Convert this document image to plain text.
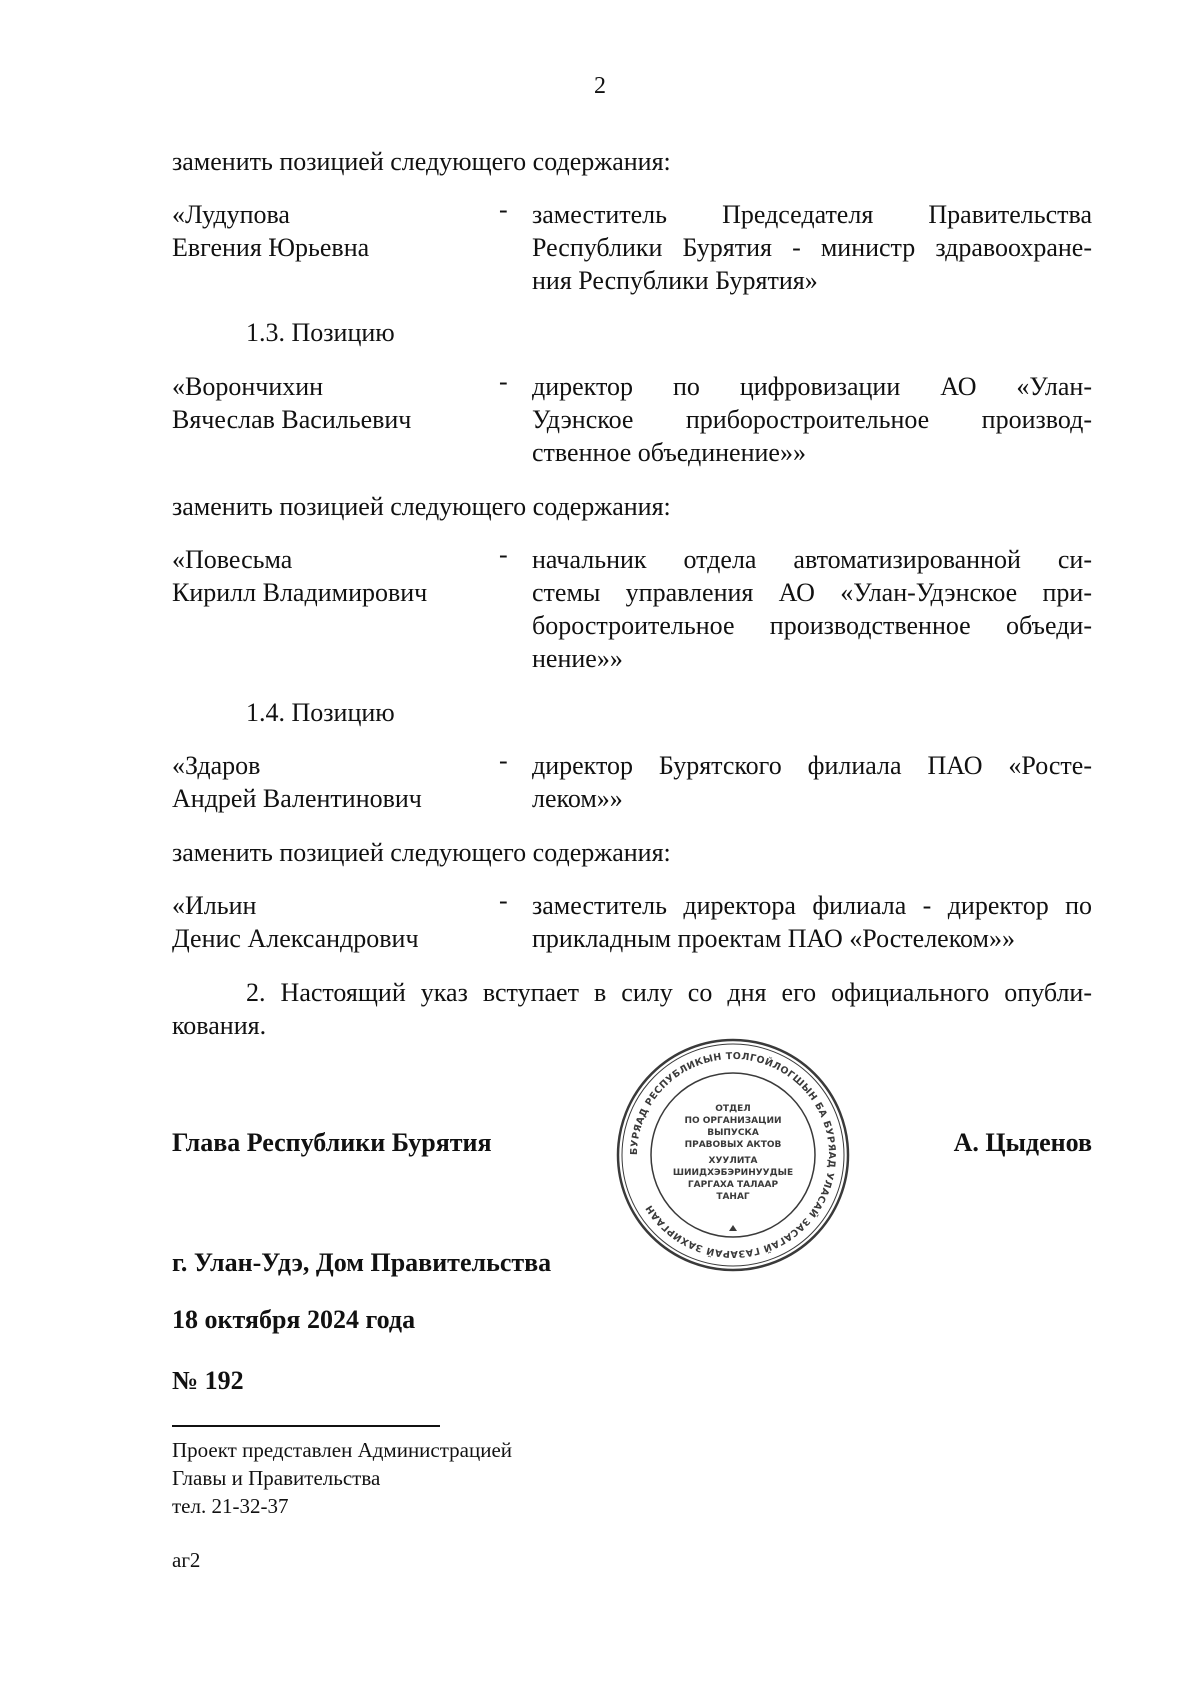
2
заменить позицией следующего содержания:
«Лудупова
Евгения Юрьевна
- заместитель Председателя Правительства
Республики Бурятия - министр здравоохране-
ния Республики Бурятия»
1.3. Позицию
«Ворончихин
Вячеслав Васильевич
- директор по цифровизации АО «Улан-
Удэнское приборостроительное производ-
ственное объединение»»
заменить позицией следующего содержания:
«Повесьма
Кирилл Владимирович
- начальник отдела автоматизированной си-
стемы управления АО «Улан-Удэнское при-
боростроительное производственное объеди-
нение»»
1.4. Позицию
«Здаров
Андрей Валентинович
- директор Бурятского филиала ПАО «Росте-
леком»»
заменить позицией следующего содержания:
«Ильин
Денис Александрович
- заместитель директора филиала - директор по
прикладным проектам ПАО «Ростелеком»»
2. Настоящий указ вступает в силу со дня его официального опубли-
кования.
БУРЯАД РЕСПУБЛИКЫН ТОЛГОЙЛОГШЫН БА БУРЯАД УЛАСАЙ ЗАСАГАЙ ГАЗАРАЙ ЗАХИРГААН
ОТДЕЛ
ПО ОРГАНИЗАЦИИ
ВЫПУСКА
ПРАВОВЫХ АКТОВ
ХУУЛИТА
ШИИДХЭБЭРИНУУДЫЕ
ГАРГАХА ТАЛААР
ТАНАГ
Глава Республики Бурятия	А. Цыденов
г. Улан-Удэ, Дом Правительства
18 октября 2024 года
№ 192
Проект представлен Администрацией
Главы и Правительства
тел. 21-32-37
аг2
